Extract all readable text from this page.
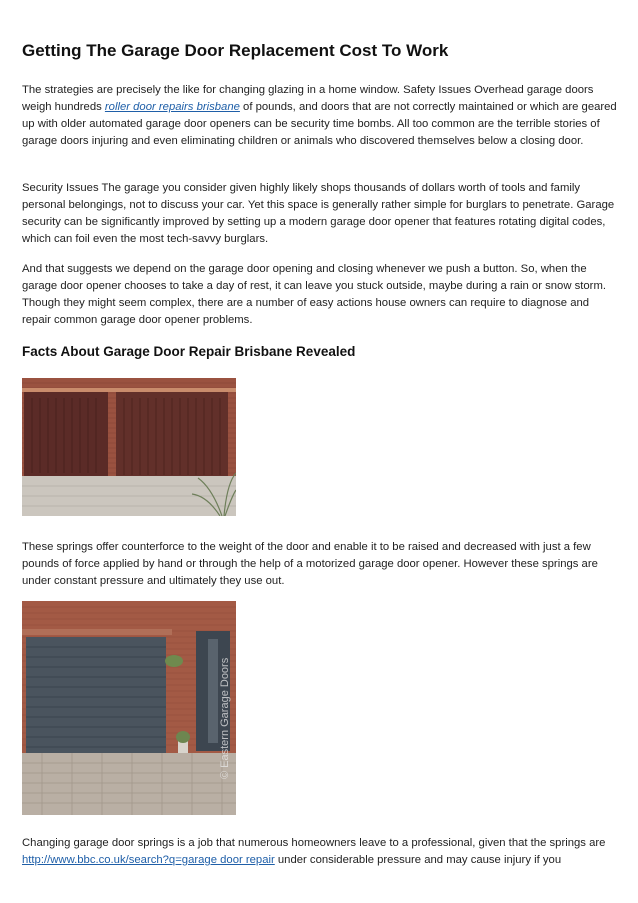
Getting The Garage Door Replacement Cost To Work

The strategies are precisely the like for changing glazing in a home window. Safety Issues Overhead garage doors weigh hundreds roller door repairs brisbane of pounds, and doors that are not correctly maintained or which are geared up with older automated garage door openers can be security time bombs. All too common are the terrible stories of garage doors injuring and even eliminating children or animals who discovered themselves below a closing door.

Security Issues The garage you consider given highly likely shops thousands of dollars worth of tools and family personal belongings, not to discuss your car. Yet this space is generally rather simple for burglars to penetrate. Garage security can be significantly improved by setting up a modern garage door opener that features rotating digital codes, which can foil even the most tech-savvy burglars.

And that suggests we depend on the garage door opening and closing whenever we push a button. So, when the garage door opener chooses to take a day of rest, it can leave you stuck outside, maybe during a rain or snow storm. Though they might seem complex, there are a number of easy actions house owners can require to diagnose and repair common garage door opener problems.

Facts About Garage Door Repair Brisbane Revealed

These springs offer counterforce to the weight of the door and enable it to be raised and decreased with just a few pounds of force applied by hand or through the help of a motorized garage door opener. However these springs are under constant pressure and ultimately they use out.

© Eastern Garage Doors

Changing garage door springs is a job that numerous homeowners leave to a professional, given that the springs are http://www.bbc.co.uk/search?q=garage door repair under considerable pressure and may cause injury if you
